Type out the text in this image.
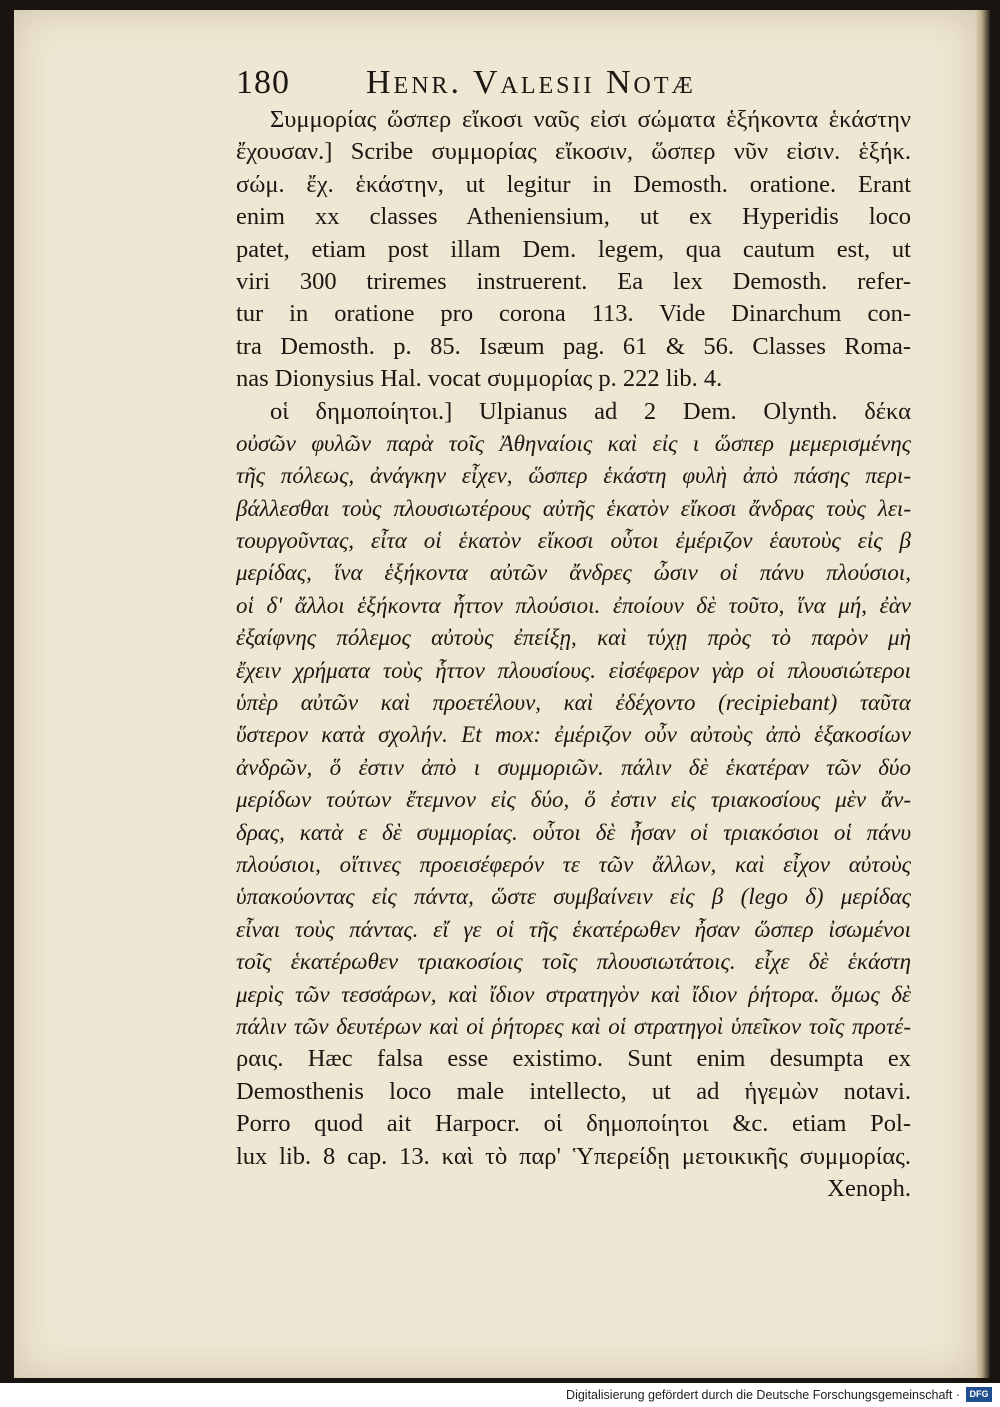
180 Henr. Valesii Notæ
Συμμορίας ὥσπερ εἴκοσι ναῦς εἰσι σώματα ἑξήκοντα ἑκάστην
ἔχουσαν.] Scribe συμμορίας εἴκοσιν, ὥσπερ νῦν εἰσιν. ἑξήκ.
σώμ. ἔχ. ἑκάστην, ut legitur in Demosth. oratione. Erant
enim xx classes Atheniensium, ut ex Hyperidis loco
patet, etiam post illam Dem. legem, qua cautum est, ut
viri 300 triremes instruerent. Ea lex Demosth. refer-
tur in oratione pro corona 113. Vide Dinarchum con-
tra Demosth. p. 85. Isæum pag. 61 & 56. Classes Roma-
nas Dionysius Hal. vocat συμμορίας p. 222 lib. 4.
οἱ δημοποίητοι.] Ulpianus ad 2 Dem. Olynth. δέκα
οὐσῶν φυλῶν παρὰ τοῖς Ἀθηναίοις καὶ εἰς ι ὥσπερ μεμερισμένης
τῆς πόλεως, ἀνάγκην εἶχεν, ὥσπερ ἑκάστη φυλὴ ἀπὸ πάσης περι-
βάλλεσθαι τοὺς πλουσιωτέρους αὐτῆς ἑκατὸν εἴκοσι ἄνδρας τοὺς λει-
τουργοῦντας, εἶτα οἱ ἑκατὸν εἴκοσι οὗτοι ἐμέριζον ἑαυτοὺς εἰς β
μερίδας, ἵνα ἑξήκοντα αὐτῶν ἄνδρες ὦσιν οἱ πάνυ πλούσιοι,
οἱ δ' ἄλλοι ἑξήκοντα ἧττον πλούσιοι. ἐποίουν δὲ τοῦτο, ἵνα μή, ἐὰν
ἐξαίφνης πόλεμος αὐτοὺς ἐπείξῃ, καὶ τύχῃ πρὸς τὸ παρὸν μὴ
ἔχειν χρήματα τοὺς ἧττον πλουσίους. εἰσέφερον γὰρ οἱ πλουσιώτεροι
ὑπὲρ αὐτῶν καὶ προετέλουν, καὶ ἐδέχοντο (recipiebant) ταῦτα
ὕστερον κατὰ σχολήν. Et mox: ἐμέριζον οὖν αὐτοὺς ἀπὸ ἑξακοσίων
ἀνδρῶν, ὅ ἐστιν ἀπὸ ι συμμοριῶν. πάλιν δὲ ἑκατέραν τῶν δύο
μερίδων τούτων ἔτεμνον εἰς δύο, ὅ ἐστιν εἰς τριακοσίους μὲν ἄν-
δρας, κατὰ ε δὲ συμμορίας. οὗτοι δὲ ἦσαν οἱ τριακόσιοι οἱ πάνυ
πλούσιοι, οἵτινες προεισέφερόν τε τῶν ἄλλων, καὶ εἶχον αὐτοὺς
ὑπακούοντας εἰς πάντα, ὥστε συμβαίνειν εἰς β (lego δ) μερίδας
εἶναι τοὺς πάντας. εἴ γε οἱ τῆς ἑκατέρωθεν ἦσαν ὥσπερ ἰσωμένοι
τοῖς ἑκατέρωθεν τριακοσίοις τοῖς πλουσιωτάτοις. εἶχε δὲ ἑκάστη
μερὶς τῶν τεσσάρων, καὶ ἴδιον στρατηγὸν καὶ ἴδιον ῥήτορα. ὅμως δὲ
πάλιν τῶν δευτέρων καὶ οἱ ῥήτορες καὶ οἱ στρατηγοὶ ὑπεῖκον τοῖς προτέ-
ραις. Hæc falsa esse existimo. Sunt enim desumpta ex
Demosthenis loco male intellecto, ut ad ἡγεμὼν notavi.
Porro quod ait Harpocr. οἱ δημοποίητοι &c. etiam Pol-
lux lib. 8 cap. 13. καὶ τὸ παρ' Ὑπερείδῃ μετοικικῆς συμμορίας.
Xenoph.
Digitalisierung gefördert durch die Deutsche Forschungsgemeinschaft ·	DFG
